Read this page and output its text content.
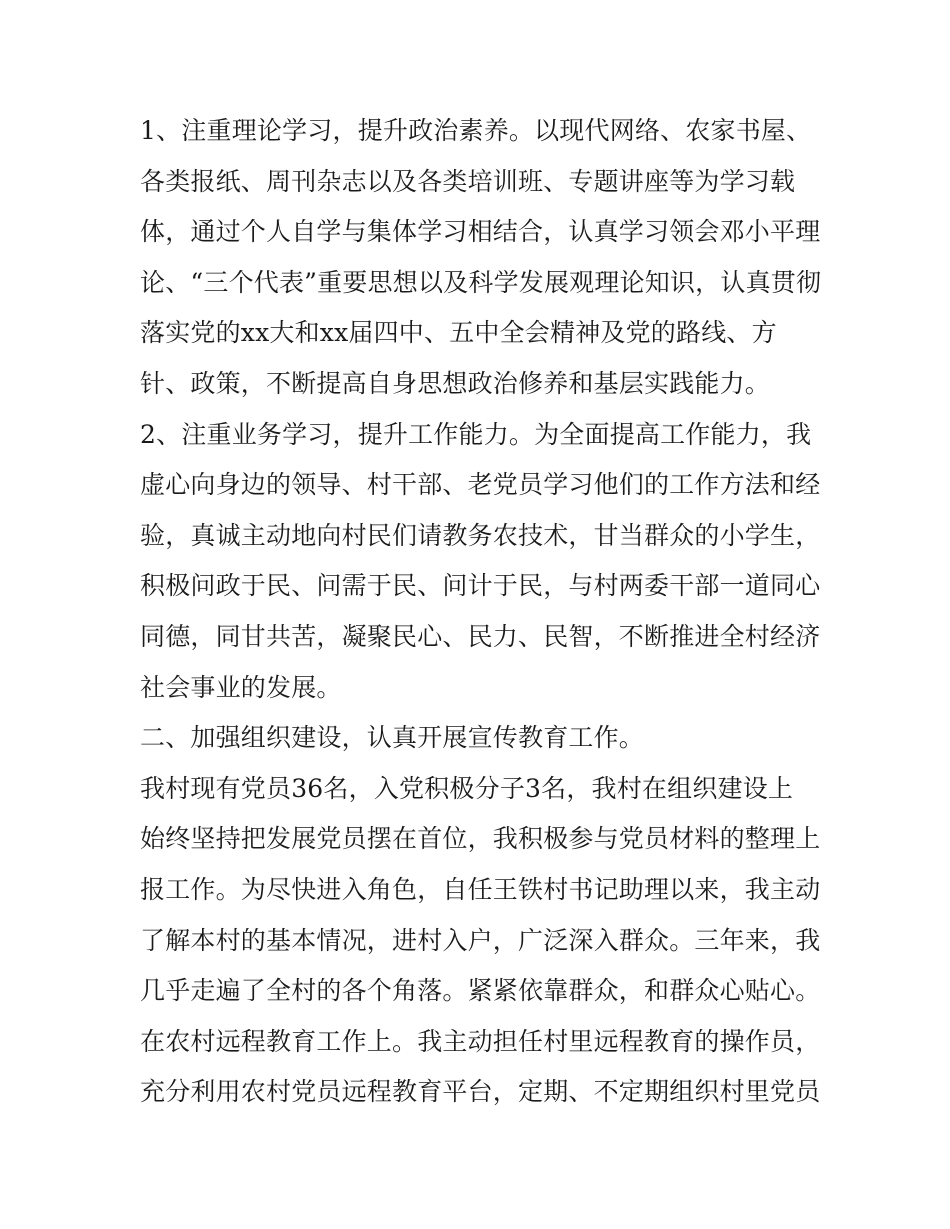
1、注重理论学习，提升政治素养。以现代网络、农家书屋、
各类报纸、周刊杂志以及各类培训班、专题讲座等为学习载
体，通过个人自学与集体学习相结合，认真学习领会邓小平理
论、“三个代表”重要思想以及科学发展观理论知识，认真贯彻
落实党的xx大和xx届四中、五中全会精神及党的路线、方
针、政策，不断提高自身思想政治修养和基层实践能力。
2、注重业务学习，提升工作能力。为全面提高工作能力，我
虚心向身边的领导、村干部、老党员学习他们的工作方法和经
验，真诚主动地向村民们请教务农技术，甘当群众的小学生，
积极问政于民、问需于民、问计于民，与村两委干部一道同心
同德，同甘共苦，凝聚民心、民力、民智，不断推进全村经济
社会事业的发展。
二、加强组织建设，认真开展宣传教育工作。
我村现有党员36名，入党积极分子3名，我村在组织建设上
始终坚持把发展党员摆在首位，我积极参与党员材料的整理上
报工作。为尽快进入角色，自任王铁村书记助理以来，我主动
了解本村的基本情况，进村入户，广泛深入群众。三年来，我
几乎走遍了全村的各个角落。紧紧依靠群众，和群众心贴心。
在农村远程教育工作上。我主动担任村里远程教育的操作员，
充分利用农村党员远程教育平台，定期、不定期组织村里党员
